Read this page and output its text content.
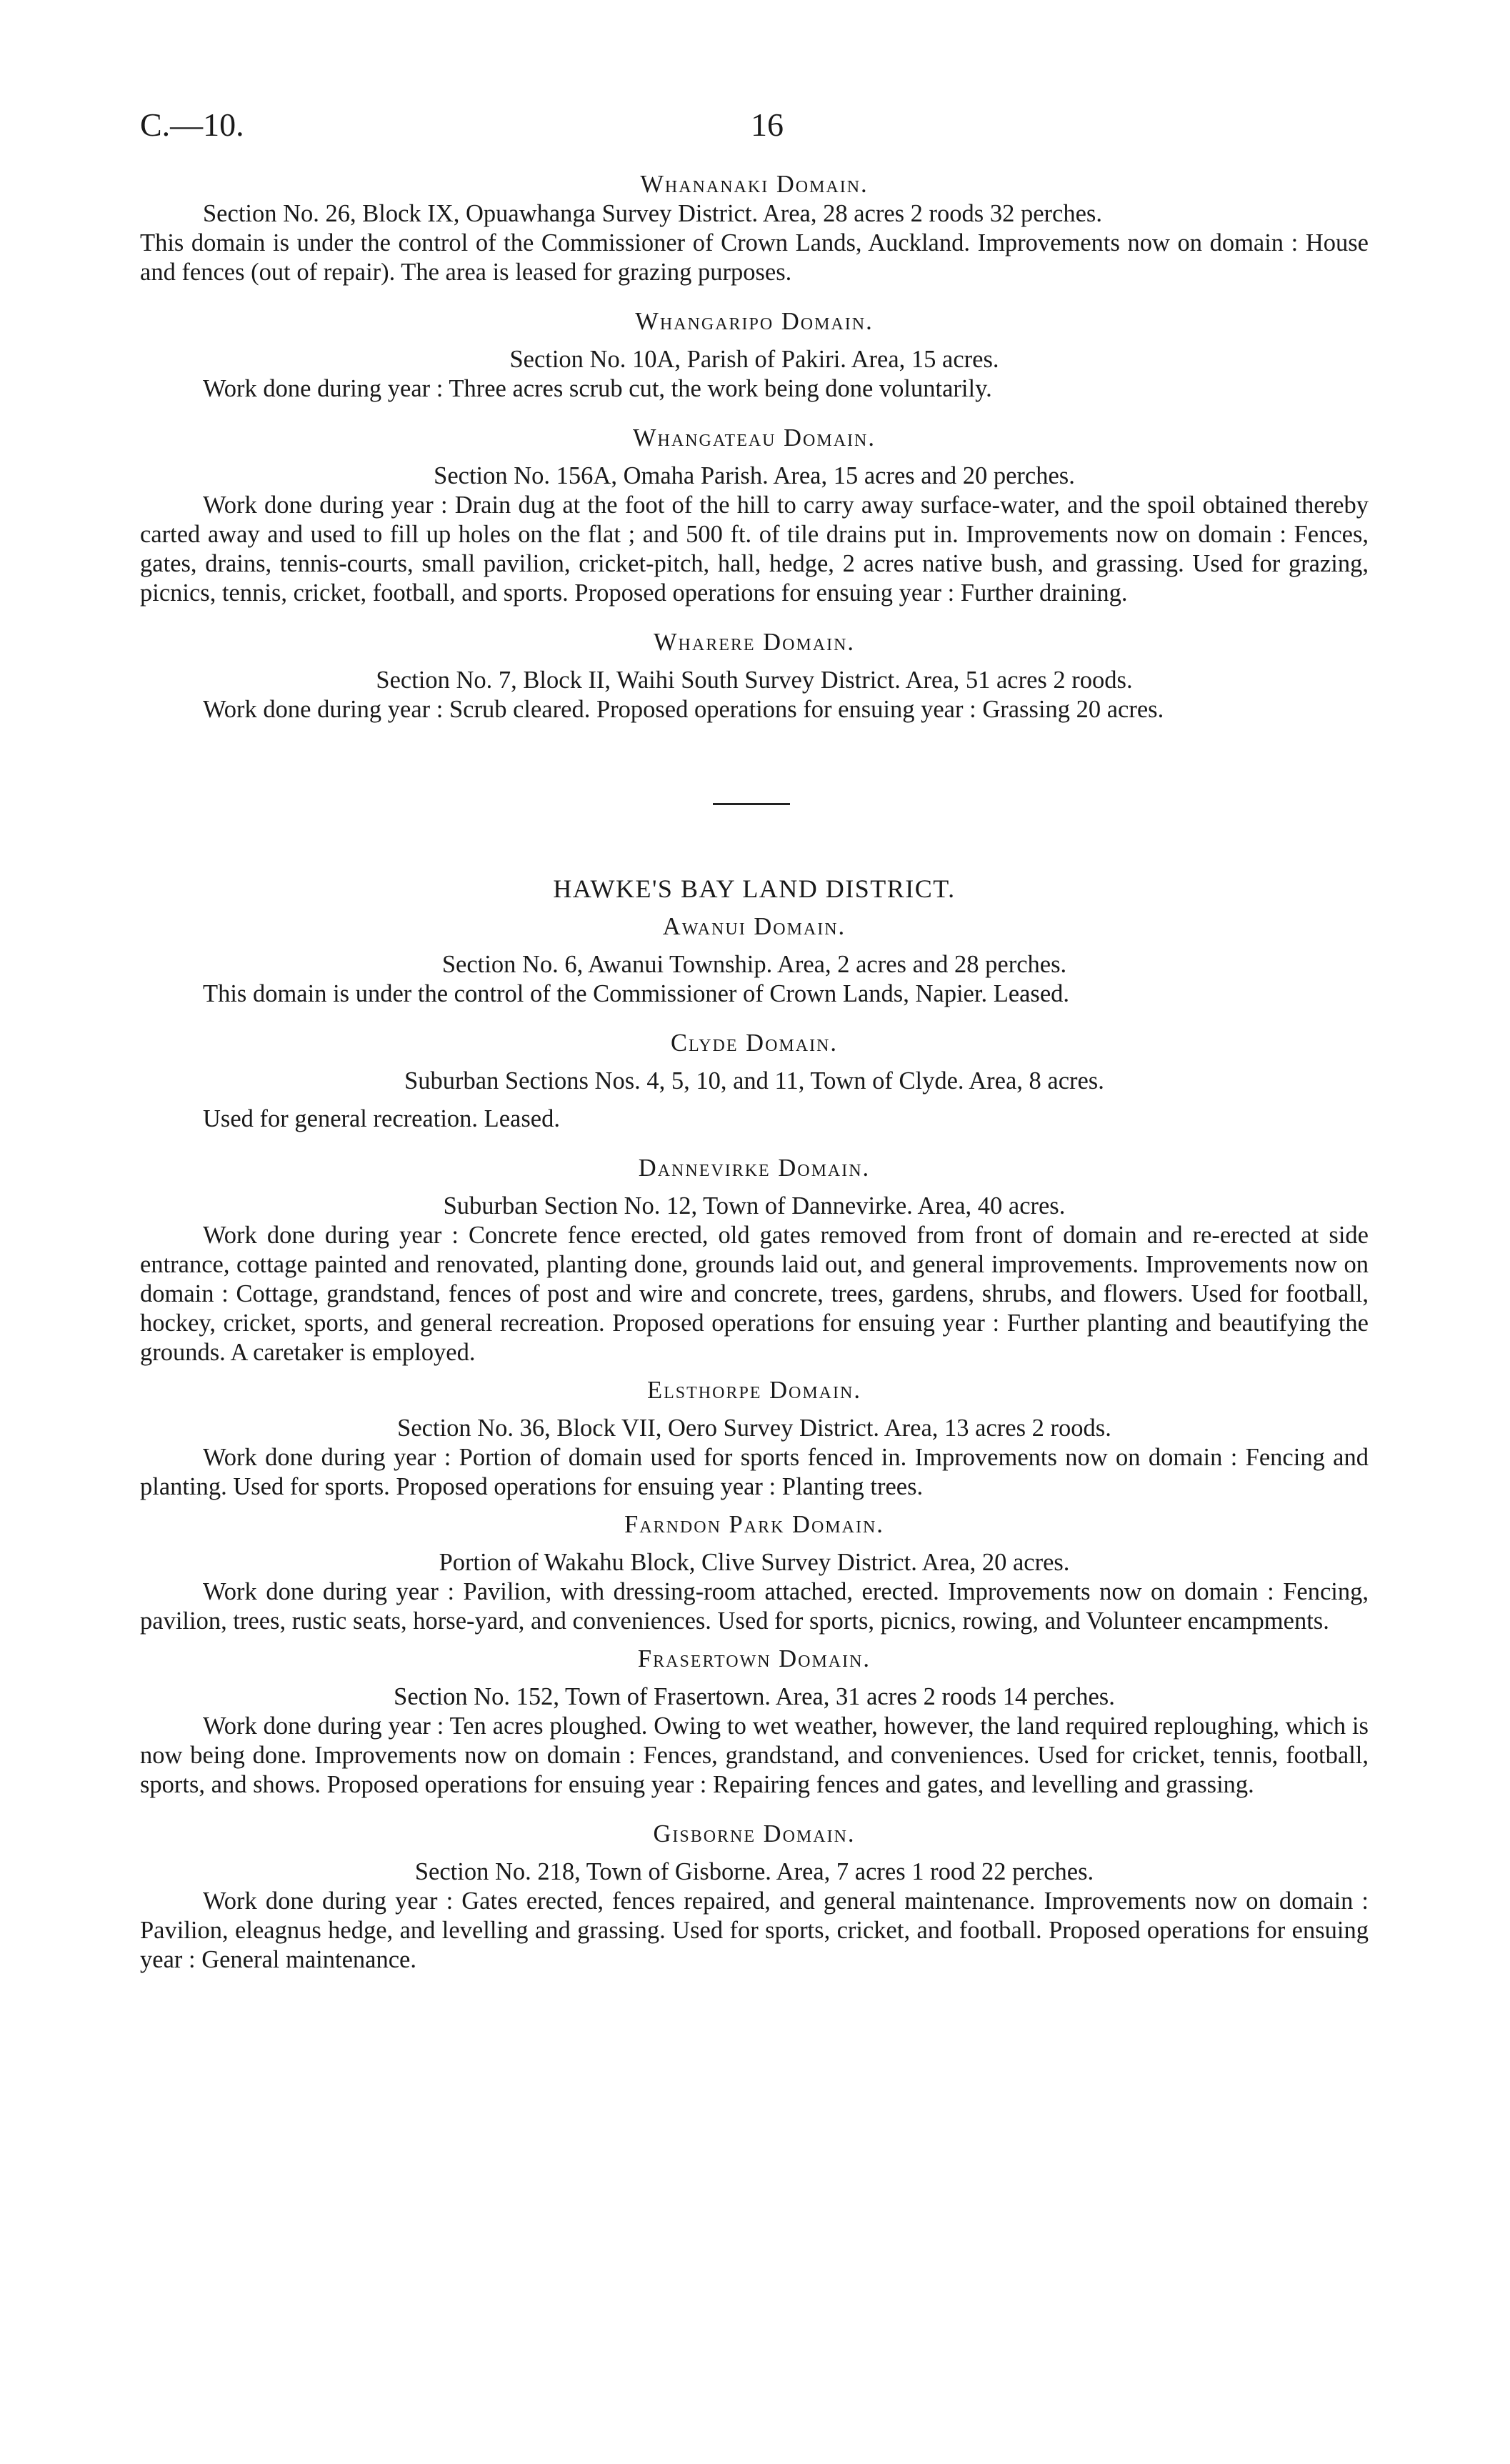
C.—10.	16

Whananaki Domain.

Section No. 26, Block IX, Opuawhanga Survey District. Area, 28 acres 2 roods 32 perches.

This domain is under the control of the Commissioner of Crown Lands, Auckland. Improvements now on domain : House and fences (out of repair). The area is leased for grazing purposes.

Whangaripo Domain.

Section No. 10A, Parish of Pakiri. Area, 15 acres.

Work done during year : Three acres scrub cut, the work being done voluntarily.

Whangateau Domain.

Section No. 156A, Omaha Parish. Area, 15 acres and 20 perches.

Work done during year : Drain dug at the foot of the hill to carry away surface-water, and the spoil obtained thereby carted away and used to fill up holes on the flat ; and 500 ft. of tile drains put in. Improvements now on domain : Fences, gates, drains, tennis-courts, small pavilion, cricket-pitch, hall, hedge, 2 acres native bush, and grassing. Used for grazing, picnics, tennis, cricket, football, and sports. Proposed operations for ensuing year : Further draining.

Wharere Domain.

Section No. 7, Block II, Waihi South Survey District. Area, 51 acres 2 roods.

Work done during year : Scrub cleared. Proposed operations for ensuing year : Grassing 20 acres.

HAWKE'S BAY LAND DISTRICT.

Awanui Domain.

Section No. 6, Awanui Township. Area, 2 acres and 28 perches.

This domain is under the control of the Commissioner of Crown Lands, Napier. Leased.

Clyde Domain.

Suburban Sections Nos. 4, 5, 10, and 11, Town of Clyde. Area, 8 acres.

Used for general recreation. Leased.

Dannevirke Domain.

Suburban Section No. 12, Town of Dannevirke. Area, 40 acres.

Work done during year : Concrete fence erected, old gates removed from front of domain and re-erected at side entrance, cottage painted and renovated, planting done, grounds laid out, and general improvements. Improvements now on domain : Cottage, grandstand, fences of post and wire and concrete, trees, gardens, shrubs, and flowers. Used for football, hockey, cricket, sports, and general recreation. Proposed operations for ensuing year : Further planting and beautifying the grounds. A caretaker is employed.

Elsthorpe Domain.

Section No. 36, Block VII, Oero Survey District. Area, 13 acres 2 roods.

Work done during year : Portion of domain used for sports fenced in. Improvements now on domain : Fencing and planting. Used for sports. Proposed operations for ensuing year : Planting trees.

Farndon Park Domain.

Portion of Wakahu Block, Clive Survey District. Area, 20 acres.

Work done during year : Pavilion, with dressing-room attached, erected. Improvements now on domain : Fencing, pavilion, trees, rustic seats, horse-yard, and conveniences. Used for sports, picnics, rowing, and Volunteer encampments.

Frasertown Domain.

Section No. 152, Town of Frasertown. Area, 31 acres 2 roods 14 perches.

Work done during year : Ten acres ploughed. Owing to wet weather, however, the land required reploughing, which is now being done. Improvements now on domain : Fences, grandstand, and conveniences. Used for cricket, tennis, football, sports, and shows. Proposed operations for ensuing year : Repairing fences and gates, and levelling and grassing.

Gisborne Domain.

Section No. 218, Town of Gisborne. Area, 7 acres 1 rood 22 perches.

Work done during year : Gates erected, fences repaired, and general maintenance. Improvements now on domain : Pavilion, eleagnus hedge, and levelling and grassing. Used for sports, cricket, and football. Proposed operations for ensuing year : General maintenance.
